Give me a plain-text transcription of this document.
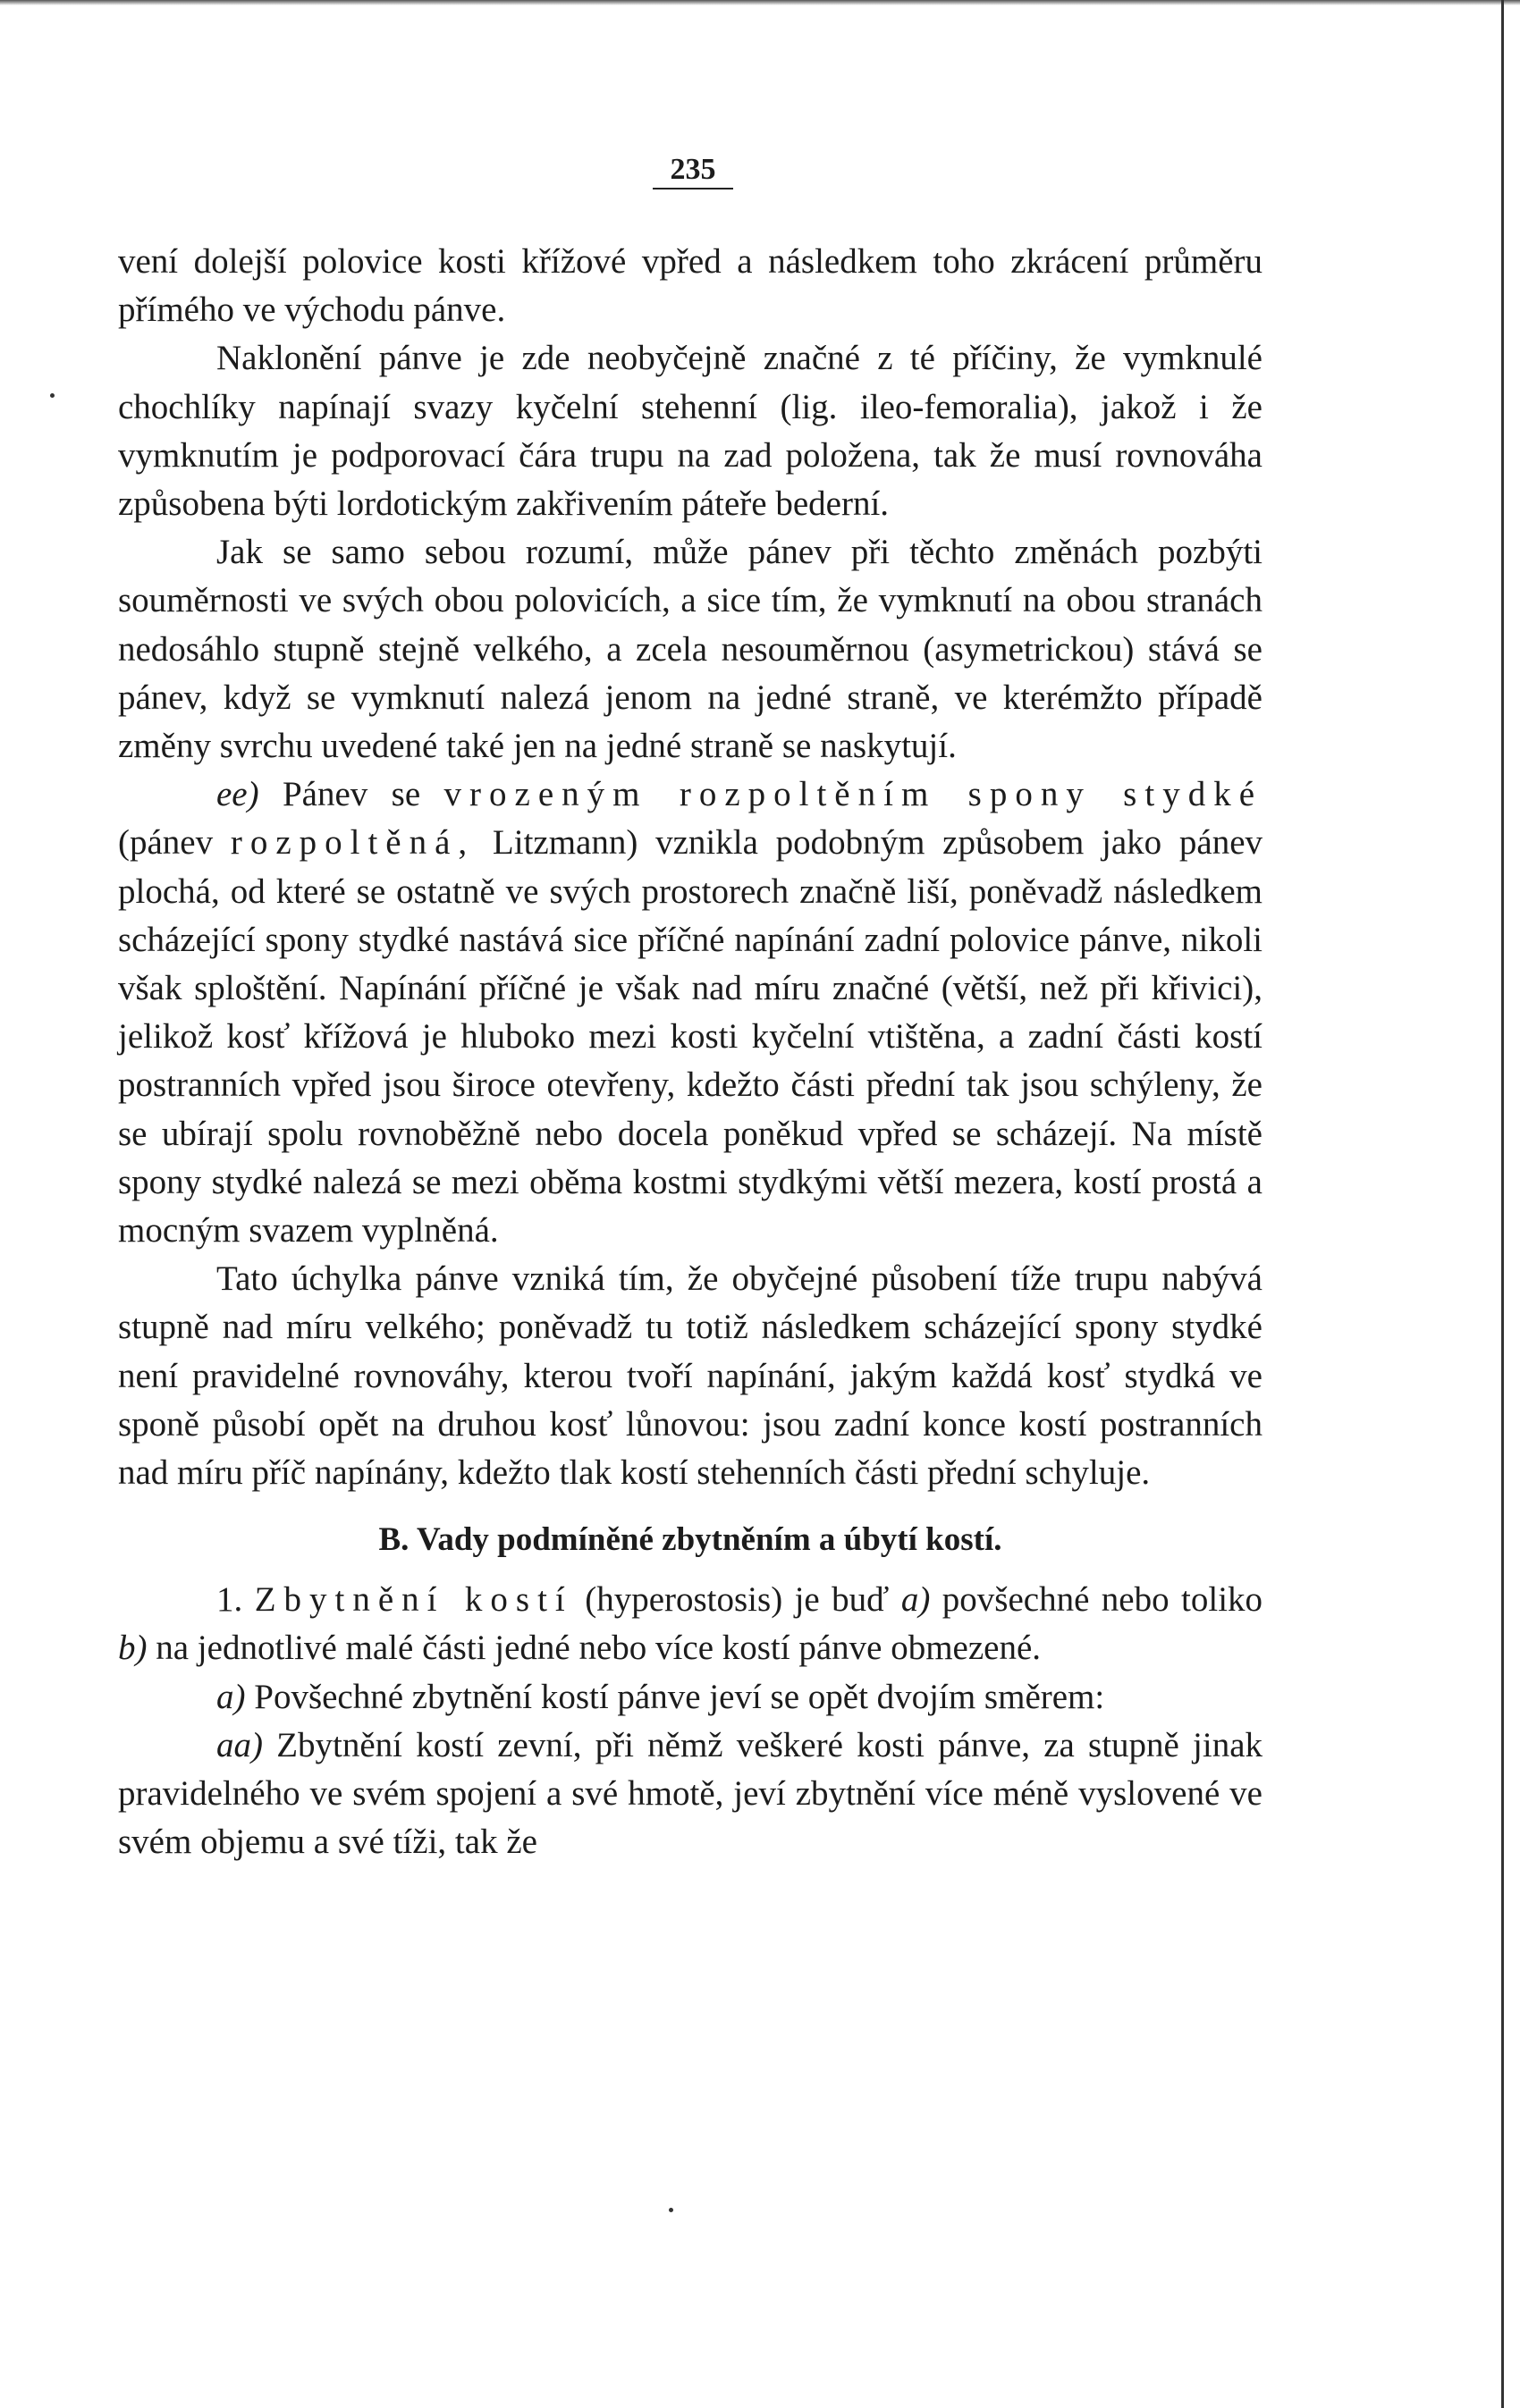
235

vení dolejší polovice kosti křížové vpřed a následkem toho zkrácení průměru přímého ve východu pánve.

Naklonění pánve je zde neobyčejně značné z té příčiny, že vymknulé chochlíky napínají svazy kyčelní stehenní (lig. ileo-femoralia), jakož i že vymknutím je podporovací čára trupu na zad položena, tak že musí rovnováha způsobena býti lordotickým zakřivením páteře bederní.

Jak se samo sebou rozumí, může pánev při těchto změnách pozbýti souměrnosti ve svých obou polovicích, a sice tím, že vymknutí na obou stranách nedosáhlo stupně stejně velkého, a zcela nesouměrnou (asymetrickou) stává se pánev, když se vymknutí nalezá jenom na jedné straně, ve kterémžto případě změny svrchu uvedené také jen na jedné straně se naskytují.

ee) Pánev se vrozeným rozpoltěním spony stydké (pánev rozpoltěná, Litzmann) vznikla podobným způsobem jako pánev plochá, od které se ostatně ve svých prostorech značně liší, poněvadž následkem scházející spony stydké nastává sice příčné napínání zadní polovice pánve, nikoli však sploštění. Napínání příčné je však nad míru značné (větší, než při křivici), jelikož kosť křížová je hluboko mezi kosti kyčelní vtištěna, a zadní části kostí postranních vpřed jsou široce otevřeny, kdežto části přední tak jsou schýleny, že se ubírají spolu rovnoběžně nebo docela poněkud vpřed se scházejí. Na místě spony stydké nalezá se mezi oběma kostmi stydkými větší mezera, kostí prostá a mocným svazem vyplněná.

Tato úchylka pánve vzniká tím, že obyčejné působení tíže trupu nabývá stupně nad míru velkého; poněvadž tu totiž následkem scházející spony stydké není pravidelné rovnováhy, kterou tvoří napínání, jakým každá kosť stydká ve sponě působí opět na druhou kosť lůnovou: jsou zadní konce kostí postranních nad míru příč napínány, kdežto tlak kostí stehenních části přední schyluje.

B. Vady podmíněné zbytněním a úbytí kostí.

1. Zbytnění kostí (hyperostosis) je buď a) povšechné nebo toliko b) na jednotlivé malé části jedné nebo více kostí pánve obmezené.

a) Povšechné zbytnění kostí pánve jeví se opět dvojím směrem:

aa) Zbytnění kostí zevní, při němž veškeré kosti pánve, za stupně jinak pravidelného ve svém spojení a své hmotě, jeví zbytnění více méně vyslovené ve svém objemu a své tíži, tak že
